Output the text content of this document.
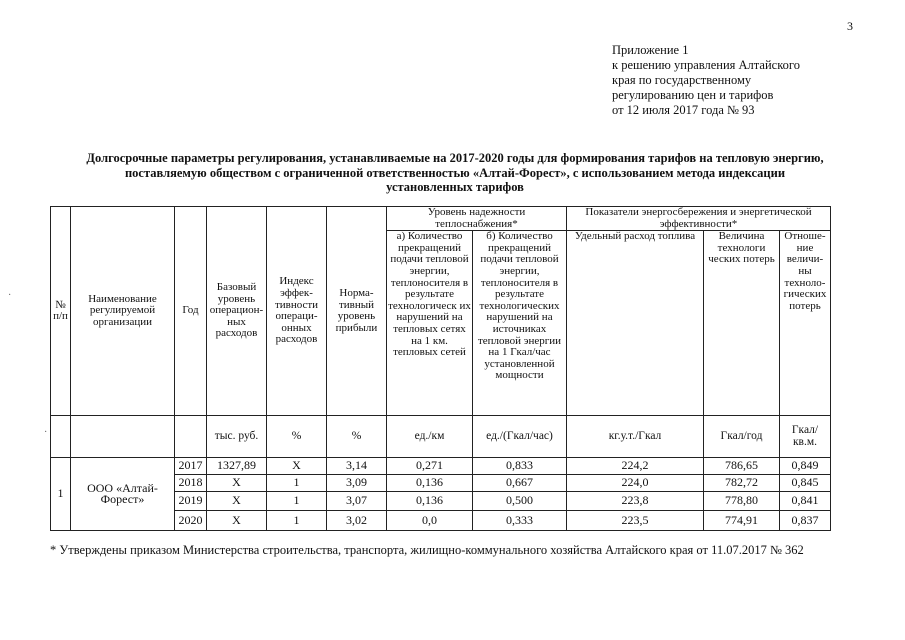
3
Приложение 1
к решению управления Алтайского
края по государственному
регулированию цен и тарифов
от 12 июля 2017 года № 93
Долгосрочные параметры регулирования, устанавливаемые на 2017-2020 годы для формирования тарифов на тепловую энергию,
поставляемую обществом с ограниченной ответственностью «Алтай-Форест», с использованием метода индексации
установленных тарифов
№ п/п	Наименование регулируемой организации	Год	Базовый уровень операцион-ных расходов	Индекс эффек-тивности операци-онных расходов	Норма-тивный уровень прибыли	Уровень надежности теплоснабжения*		Показатели энергосбережения и энергетической эффективности*		
						а) Количество прекращений подачи тепловой энергии, теплоносителя в результате технологическ их нарушений на тепловых сетях на 1 км. тепловых сетей	б) Количество прекращений подачи тепловой энергии, теплоносителя в результате технологических нарушений на источниках тепловой энергии на 1 Гкал/час установленной мощности	Удельный расход топлива	Величина технологи ческих потерь	Отноше-ние величи-ны техноло-гических потерь
			тыс. руб.	%	%	ед./км	ед./(Гкал/час)	кг.у.т./Гкал	Гкал/год	Гкал/кв.м.
1	ООО «Алтай-Форест»	2017	1327,89	Х	3,14	0,271	0,833	224,2	786,65	0,849
		2018	Х	1	3,09	0,136	0,667	224,0	782,72	0,845
		2019	Х	1	3,07	0,136	0,500	223,8	778,80	0,841
		2020	Х	1	3,02	0,0	0,333	223,5	774,91	0,837
* Утверждены приказом Министерства строительства, транспорта, жилищно-коммунального хозяйства Алтайского края от 11.07.2017 № 362
·
·
